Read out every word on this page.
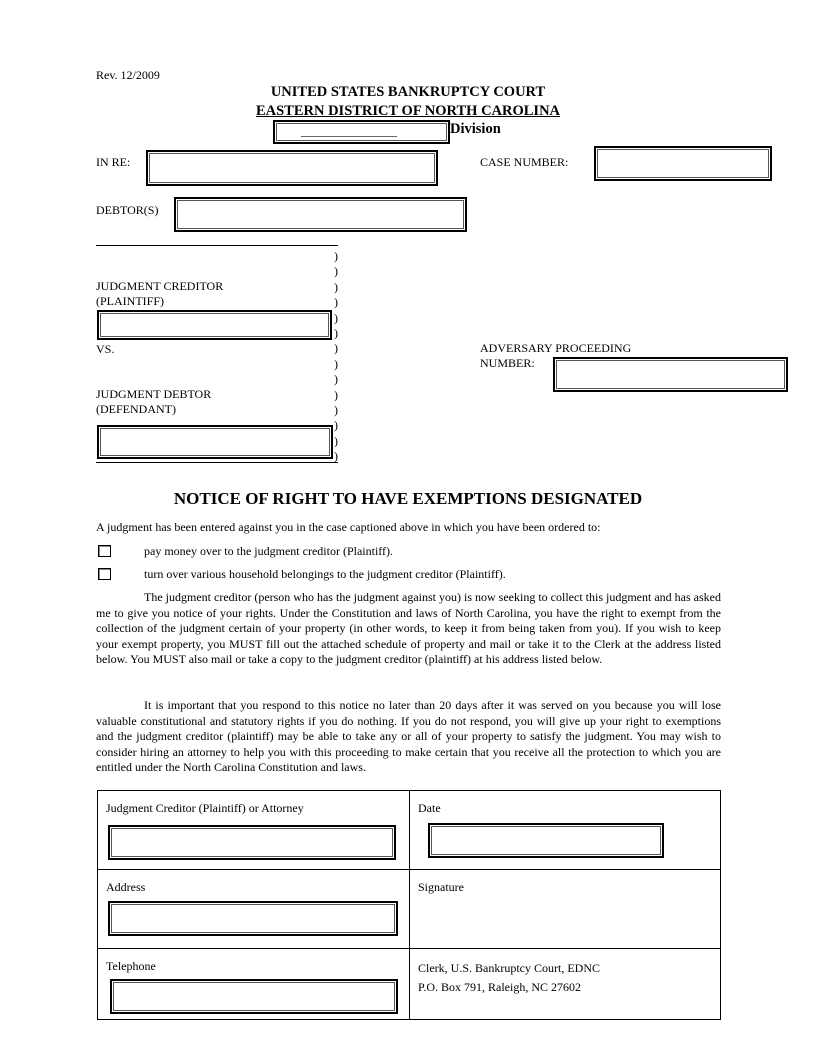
Rev. 12/2009
UNITED STATES BANKRUPTCY COURT
EASTERN DISTRICT OF NORTH CAROLINA
________________	Division
IN RE:	CASE NUMBER:
DEBTOR(S)
JUDGMENT CREDITOR
(PLAINTIFF)
VS.
JUDGMENT DEBTOR
(DEFENDANT)
)
)
)
)
)
)
)
)
)
)
)
)
)
)
ADVERSARY PROCEEDING
NUMBER:
NOTICE OF RIGHT TO HAVE EXEMPTIONS DESIGNATED
A judgment has been entered against you in the case captioned above in which you have been ordered to:
pay money over to the judgment creditor (Plaintiff).
turn over various household belongings to the judgment creditor (Plaintiff).
The judgment creditor (person who has the judgment against you) is now seeking to collect this judgment and has asked me to give you notice of your rights. Under the Constitution and laws of North Carolina, you have the right to exempt from the collection of the judgment certain of your property (in other words, to keep it from being taken from you). If you wish to keep your exempt property, you MUST fill out the attached schedule of property and mail or take it to the Clerk at the address listed below. You MUST also mail or take a copy to the judgment creditor (plaintiff) at his address listed below.
It is important that you respond to this notice no later than 20 days after it was served on you because you will lose valuable constitutional and statutory rights if you do nothing. If you do not respond, you will give up your right to exemptions and the judgment creditor (plaintiff) may be able to take any or all of your property to satisfy the judgment. You may wish to consider hiring an attorney to help you with this proceeding to make certain that you receive all the protection to which you are entitled under the North Carolina Constitution and laws.
Judgment Creditor (Plaintiff) or Attorney	Date

Address	Signature

Telephone	Clerk, U.S. Bankruptcy Court, EDNC
P.O. Box 791, Raleigh, NC 27602
